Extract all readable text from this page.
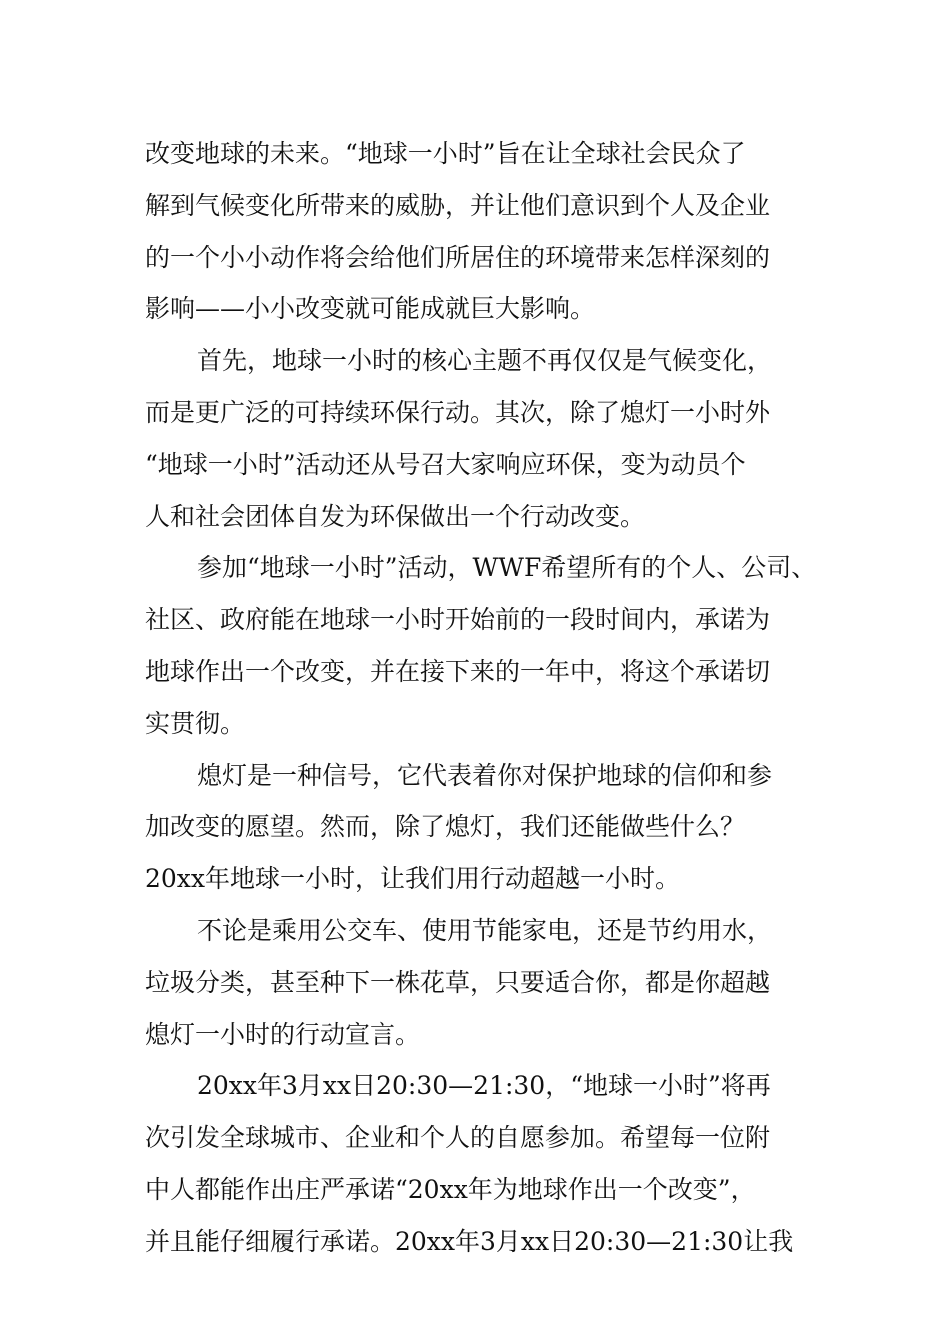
改变地球的未来。“地球一小时”旨在让全球社会民众了
解到气候变化所带来的威胁，并让他们意识到个人及企业
的一个小小动作将会给他们所居住的环境带来怎样深刻的
影响——小小改变就可能成就巨大影响。
首先，地球一小时的核心主题不再仅仅是气候变化，
而是更广泛的可持续环保行动。其次，除了熄灯一小时外
“地球一小时”活动还从号召大家响应环保，变为动员个
人和社会团体自发为环保做出一个行动改变。
参加“地球一小时”活动，WWF希望所有的个人、公司、
社区、政府能在地球一小时开始前的一段时间内，承诺为
地球作出一个改变，并在接下来的一年中，将这个承诺切
实贯彻。
熄灯是一种信号，它代表着你对保护地球的信仰和参
加改变的愿望。然而，除了熄灯，我们还能做些什么？
20xx年地球一小时，让我们用行动超越一小时。
不论是乘用公交车、使用节能家电，还是节约用水，
垃圾分类，甚至种下一株花草，只要适合你，都是你超越
熄灯一小时的行动宣言。
20xx年3月xx日20:30—21:30，“地球一小时”将再
次引发全球城市、企业和个人的自愿参加。希望每一位附
中人都能作出庄严承诺“20xx年为地球作出一个改变”，
并且能仔细履行承诺。20xx年3月xx日20:30—21:30让我
